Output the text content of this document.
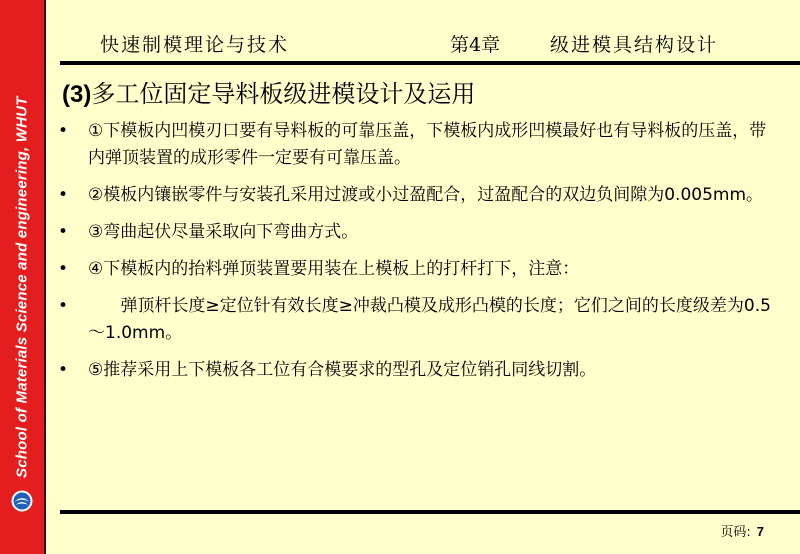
School of Materials Science and engineering, WHUT
快速制模理论与技术	第4章	级进模具结构设计
(3)多工位固定导料板级进模设计及运用
• ①下模板内凹模刃口要有导料板的可靠压盖，下模板内成形凹模最好也有导料板的压盖，带内弹顶装置的成形零件一定要有可靠压盖。
• ②模板内镶嵌零件与安装孔采用过渡或小过盈配合，过盈配合的双边负间隙为0.005mm。
• ③弯曲起伏尽量采取向下弯曲方式。
• ④下模板内的抬料弹顶装置要用装在上模板上的打杆打下，注意：
• 弹顶杆长度≥定位针有效长度≥冲裁凸模及成形凸模的长度；它们之间的长度级差为0.5～1.0mm。
• ⑤推荐采用上下模板各工位有合模要求的型孔及定位销孔同线切割。
页码: 7
